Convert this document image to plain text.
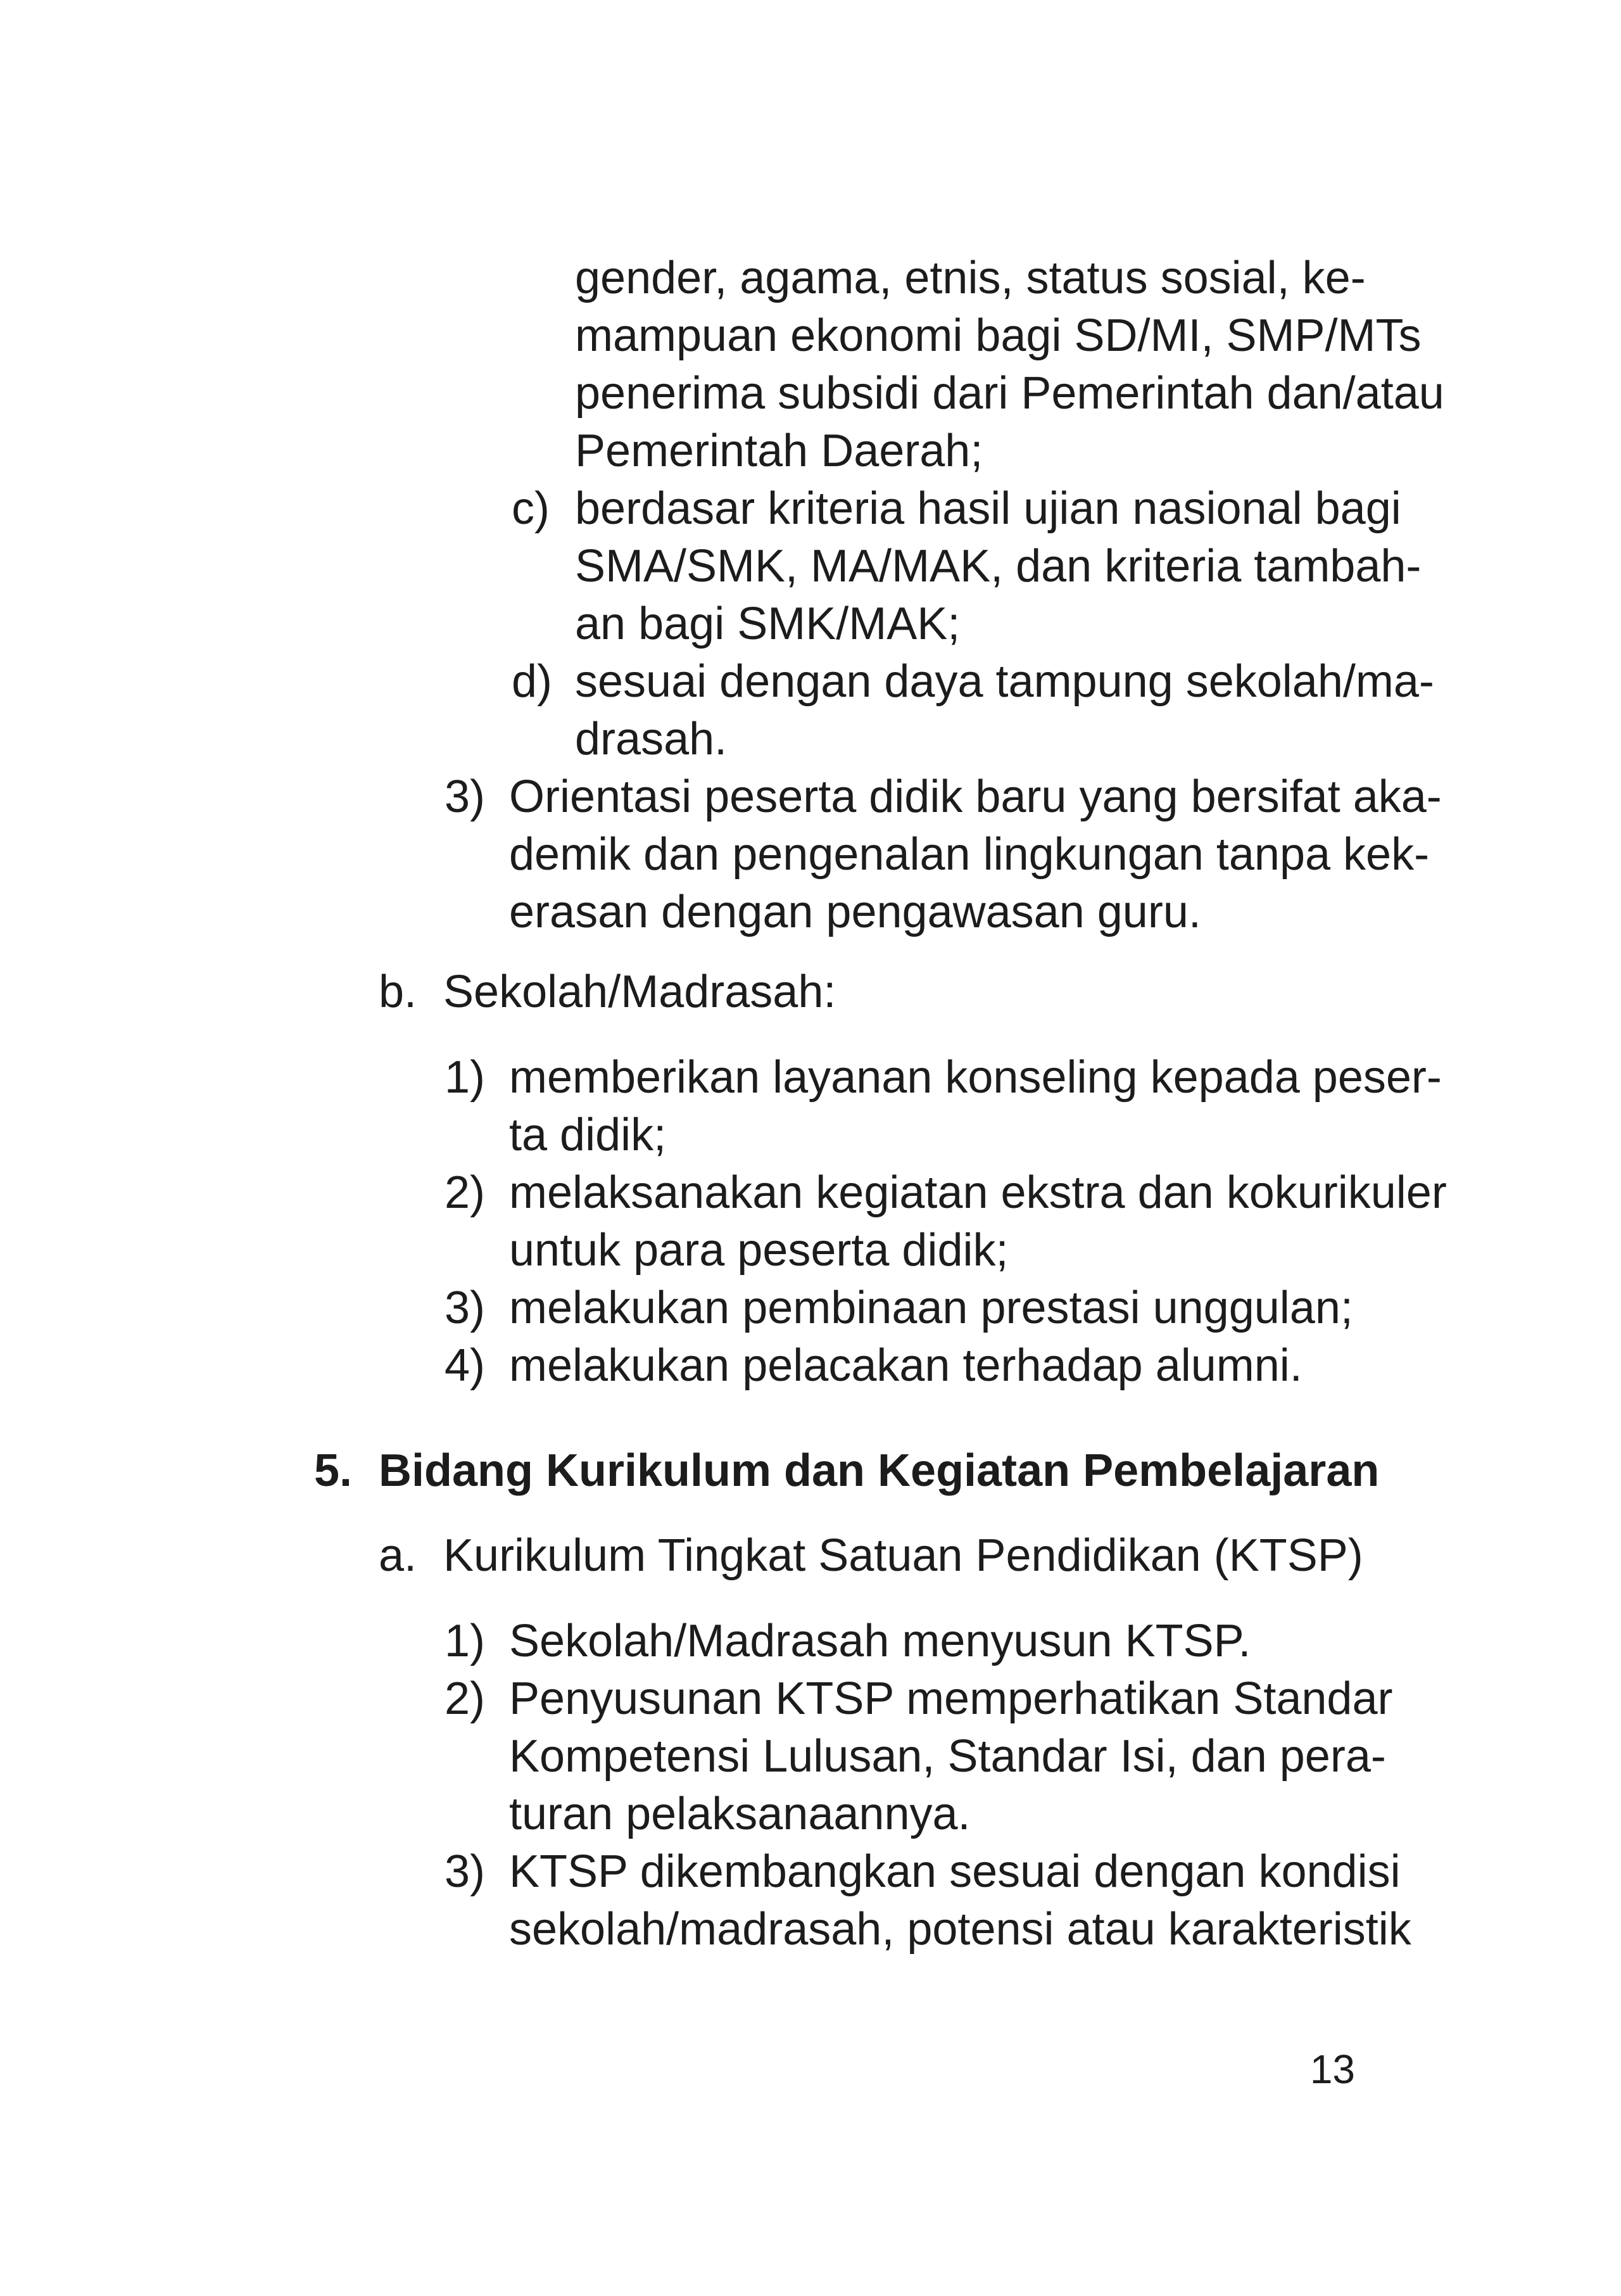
gender, agama, etnis, status sosial, ke-

mampuan ekonomi bagi SD/MI, SMP/MTs

penerima subsidi dari Pemerintah dan/atau

Pemerintah Daerah;

c) berdasar kriteria hasil ujian nasional bagi

SMA/SMK, MA/MAK, dan kriteria tambah-

an bagi SMK/MAK;

d) sesuai dengan daya tampung sekolah/ma-

drasah.

3) Orientasi peserta didik baru yang bersifat aka-

demik dan pengenalan lingkungan tanpa kek-

erasan dengan pengawasan guru.

b. Sekolah/Madrasah:

1) memberikan layanan konseling kepada peser-

ta didik;

2) melaksanakan kegiatan ekstra dan kokurikuler

untuk para peserta didik;

3) melakukan pembinaan prestasi unggulan;

4) melakukan pelacakan terhadap alumni.

5. Bidang Kurikulum dan Kegiatan Pembelajaran

a. Kurikulum Tingkat Satuan Pendidikan (KTSP)

1) Sekolah/Madrasah menyusun KTSP.

2) Penyusunan KTSP memperhatikan Standar

Kompetensi Lulusan, Standar Isi, dan pera-

turan pelaksanaannya.

3) KTSP dikembangkan sesuai dengan kondisi

sekolah/madrasah, potensi atau karakteristik

13
